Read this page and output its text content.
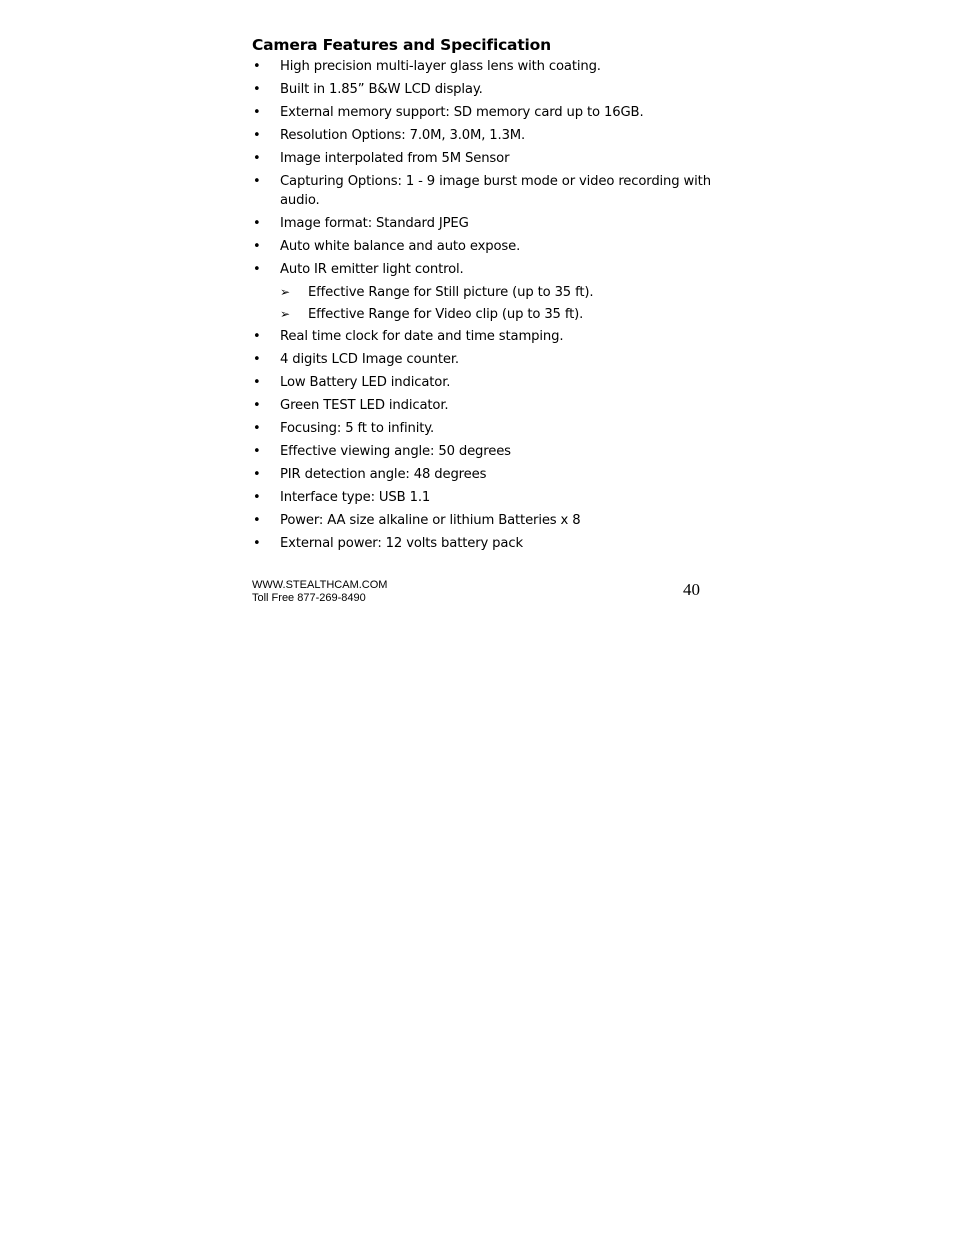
Camera Features and Specification
• High precision multi-layer glass lens with coating.
• Built in 1.85” B&W LCD display.
• External memory support: SD memory card up to 16GB.
• Resolution Options: 7.0M, 3.0M, 1.3M.
• Image interpolated from 5M Sensor
• Capturing Options: 1 - 9 image burst mode or video recording with audio.
• Image format: Standard JPEG
• Auto white balance and auto expose.
• Auto IR emitter light control.
➢ Effective Range for Still picture (up to 35 ft).
➢ Effective Range for Video clip (up to 35 ft).
• Real time clock for date and time stamping.
• 4 digits LCD Image counter.
• Low Battery LED indicator.
• Green TEST LED indicator.
• Focusing: 5 ft to infinity.
• Effective viewing angle: 50 degrees
• PIR detection angle: 48 degrees
• Interface type: USB 1.1
• Power: AA size alkaline or lithium Batteries x 8
• External power: 12 volts battery pack
WWW.STEALTHCAM.COM
Toll Free 877-269-8490	40
